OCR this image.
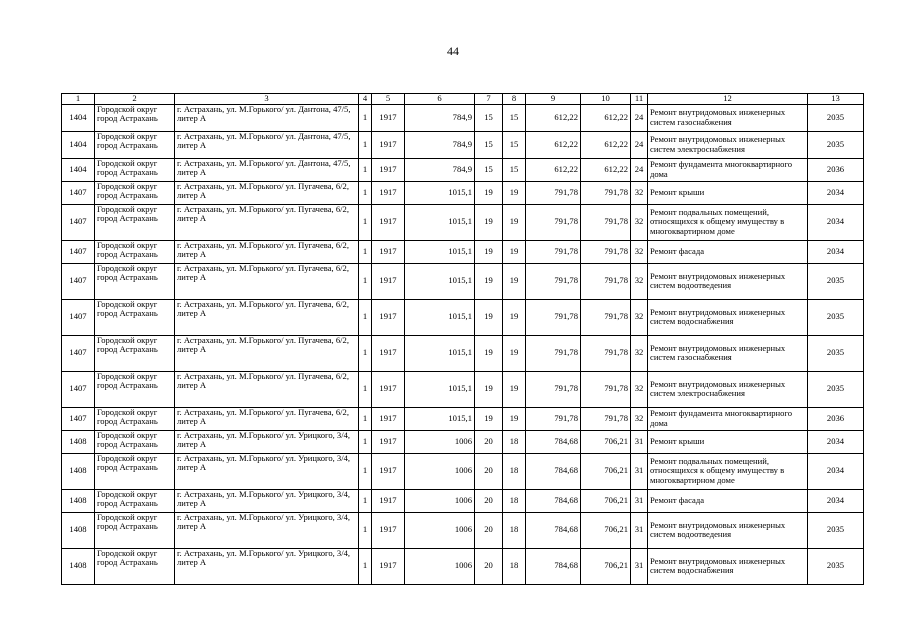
44
1	2	3	4	5	6	7	8	9	10	11	12	13
1404	Городской округ город Астрахань	г. Астрахань, ул. М.Горького/ ул. Дантона, 47/5, литер А	1	1917	784,9	15	15	612,22	612,22	24	Ремонт внутридомовых инженерных систем газоснабжения	2035
1404	Городской округ город Астрахань	г. Астрахань, ул. М.Горького/ ул. Дантона, 47/5, литер А	1	1917	784,9	15	15	612,22	612,22	24	Ремонт внутридомовых инженерных систем электроснабжения	2035
1404	Городской округ город Астрахань	г. Астрахань, ул. М.Горького/ ул. Дантона, 47/5, литер А	1	1917	784,9	15	15	612,22	612,22	24	Ремонт фундамента многоквартирного дома	2036
1407	Городской округ город Астрахань	г. Астрахань, ул. М.Горького/ ул. Пугачева, 6/2, литер А	1	1917	1015,1	19	19	791,78	791,78	32	Ремонт крыши	2034
1407	Городской округ город Астрахань	г. Астрахань, ул. М.Горького/ ул. Пугачева, 6/2, литер А	1	1917	1015,1	19	19	791,78	791,78	32	Ремонт подвальных помещений, относящихся к общему имуществу в многоквартирном доме	2034
1407	Городской округ город Астрахань	г. Астрахань, ул. М.Горького/ ул. Пугачева, 6/2, литер А	1	1917	1015,1	19	19	791,78	791,78	32	Ремонт фасада	2034
1407	Городской округ город Астрахань	г. Астрахань, ул. М.Горького/ ул. Пугачева, 6/2, литер А	1	1917	1015,1	19	19	791,78	791,78	32	Ремонт внутридомовых инженерных систем водоотведения	2035
1407	Городской округ город Астрахань	г. Астрахань, ул. М.Горького/ ул. Пугачева, 6/2, литер А	1	1917	1015,1	19	19	791,78	791,78	32	Ремонт внутридомовых инженерных систем водоснабжения	2035
1407	Городской округ город Астрахань	г. Астрахань, ул. М.Горького/ ул. Пугачева, 6/2, литер А	1	1917	1015,1	19	19	791,78	791,78	32	Ремонт внутридомовых инженерных систем газоснабжения	2035
1407	Городской округ город Астрахань	г. Астрахань, ул. М.Горького/ ул. Пугачева, 6/2, литер А	1	1917	1015,1	19	19	791,78	791,78	32	Ремонт внутридомовых инженерных систем электроснабжения	2035
1407	Городской округ город Астрахань	г. Астрахань, ул. М.Горького/ ул. Пугачева, 6/2, литер А	1	1917	1015,1	19	19	791,78	791,78	32	Ремонт фундамента многоквартирного дома	2036
1408	Городской округ город Астрахань	г. Астрахань, ул. М.Горького/ ул. Урицкого, 3/4, литер А	1	1917	1006	20	18	784,68	706,21	31	Ремонт крыши	2034
1408	Городской округ город Астрахань	г. Астрахань, ул. М.Горького/ ул. Урицкого, 3/4, литер А	1	1917	1006	20	18	784,68	706,21	31	Ремонт подвальных помещений, относящихся к общему имуществу в многоквартирном доме	2034
1408	Городской округ город Астрахань	г. Астрахань, ул. М.Горького/ ул. Урицкого, 3/4, литер А	1	1917	1006	20	18	784,68	706,21	31	Ремонт фасада	2034
1408	Городской округ город Астрахань	г. Астрахань, ул. М.Горького/ ул. Урицкого, 3/4, литер А	1	1917	1006	20	18	784,68	706,21	31	Ремонт внутридомовых инженерных систем водоотведения	2035
1408	Городской округ город Астрахань	г. Астрахань, ул. М.Горького/ ул. Урицкого, 3/4, литер А	1	1917	1006	20	18	784,68	706,21	31	Ремонт внутридомовых инженерных систем водоснабжения	2035
